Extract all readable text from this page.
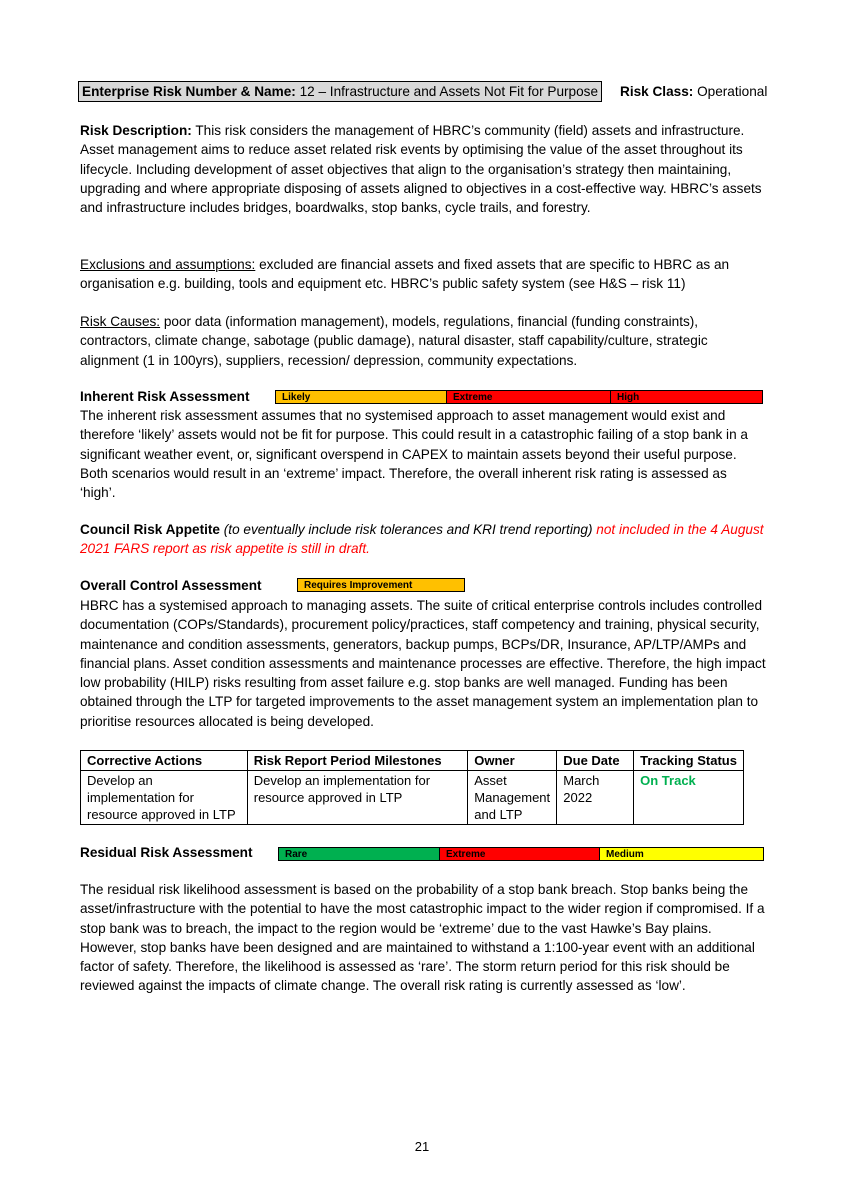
Enterprise Risk Number & Name: 12 – Infrastructure and Assets Not Fit for Purpose Risk Class: Operational

Risk Description: This risk considers the management of HBRC’s community (field) assets and infrastructure. Asset management aims to reduce asset related risk events by optimising the value of the asset throughout its lifecycle. Including development of asset objectives that align to the organisation’s strategy then maintaining, upgrading and where appropriate disposing of assets aligned to objectives in a cost-effective way. HBRC’s assets and infrastructure includes bridges, boardwalks, stop banks, cycle trails, and forestry.

Exclusions and assumptions: excluded are financial assets and fixed assets that are specific to HBRC as an organisation e.g. building, tools and equipment etc. HBRC’s public safety system (see H&S – risk 11)

Risk Causes: poor data (information management), models, regulations, financial (funding constraints), contractors, climate change, sabotage (public damage), natural disaster, staff capability/culture, strategic alignment (1 in 100yrs), suppliers, recession/ depression, community expectations.

Inherent Risk Assessment	Likely	Extreme	High

The inherent risk assessment assumes that no systemised approach to asset management would exist and therefore ‘likely’ assets would not be fit for purpose. This could result in a catastrophic failing of a stop bank in a significant weather event, or, significant overspend in CAPEX to maintain assets beyond their useful purpose. Both scenarios would result in an ‘extreme’ impact. Therefore, the overall inherent risk rating is assessed as ‘high’.

Council Risk Appetite (to eventually include risk tolerances and KRI trend reporting) not included in the 4 August 2021 FARS report as risk appetite is still in draft.

Overall Control Assessment	Requires Improvement

HBRC has a systemised approach to managing assets. The suite of critical enterprise controls includes controlled documentation (COPs/Standards), procurement policy/practices, staff competency and training, physical security, maintenance and condition assessments, generators, backup pumps, BCPs/DR, Insurance, AP/LTP/AMPs and financial plans. Asset condition assessments and maintenance processes are effective. Therefore, the high impact low probability (HILP) risks resulting from asset failure e.g. stop banks are well managed. Funding has been obtained through the LTP for targeted improvements to the asset management system an implementation plan to prioritise resources allocated is being developed.

Corrective Actions	Risk Report Period Milestones	Owner	Due Date	Tracking Status
Develop an implementation for resource approved in LTP	Develop an implementation for resource approved in LTP	Asset Management and LTP	March 2022	On Track
Residual Risk Assessment	Rare	Extreme	Medium

The residual risk likelihood assessment is based on the probability of a stop bank breach. Stop banks being the asset/infrastructure with the potential to have the most catastrophic impact to the wider region if compromised. If a stop bank was to breach, the impact to the region would be ‘extreme’ due to the vast Hawke’s Bay plains. However, stop banks have been designed and are maintained to withstand a 1:100-year event with an additional factor of safety. Therefore, the likelihood is assessed as ‘rare’. The storm return period for this risk should be reviewed against the impacts of climate change. The overall risk rating is currently assessed as ‘low’.

21
